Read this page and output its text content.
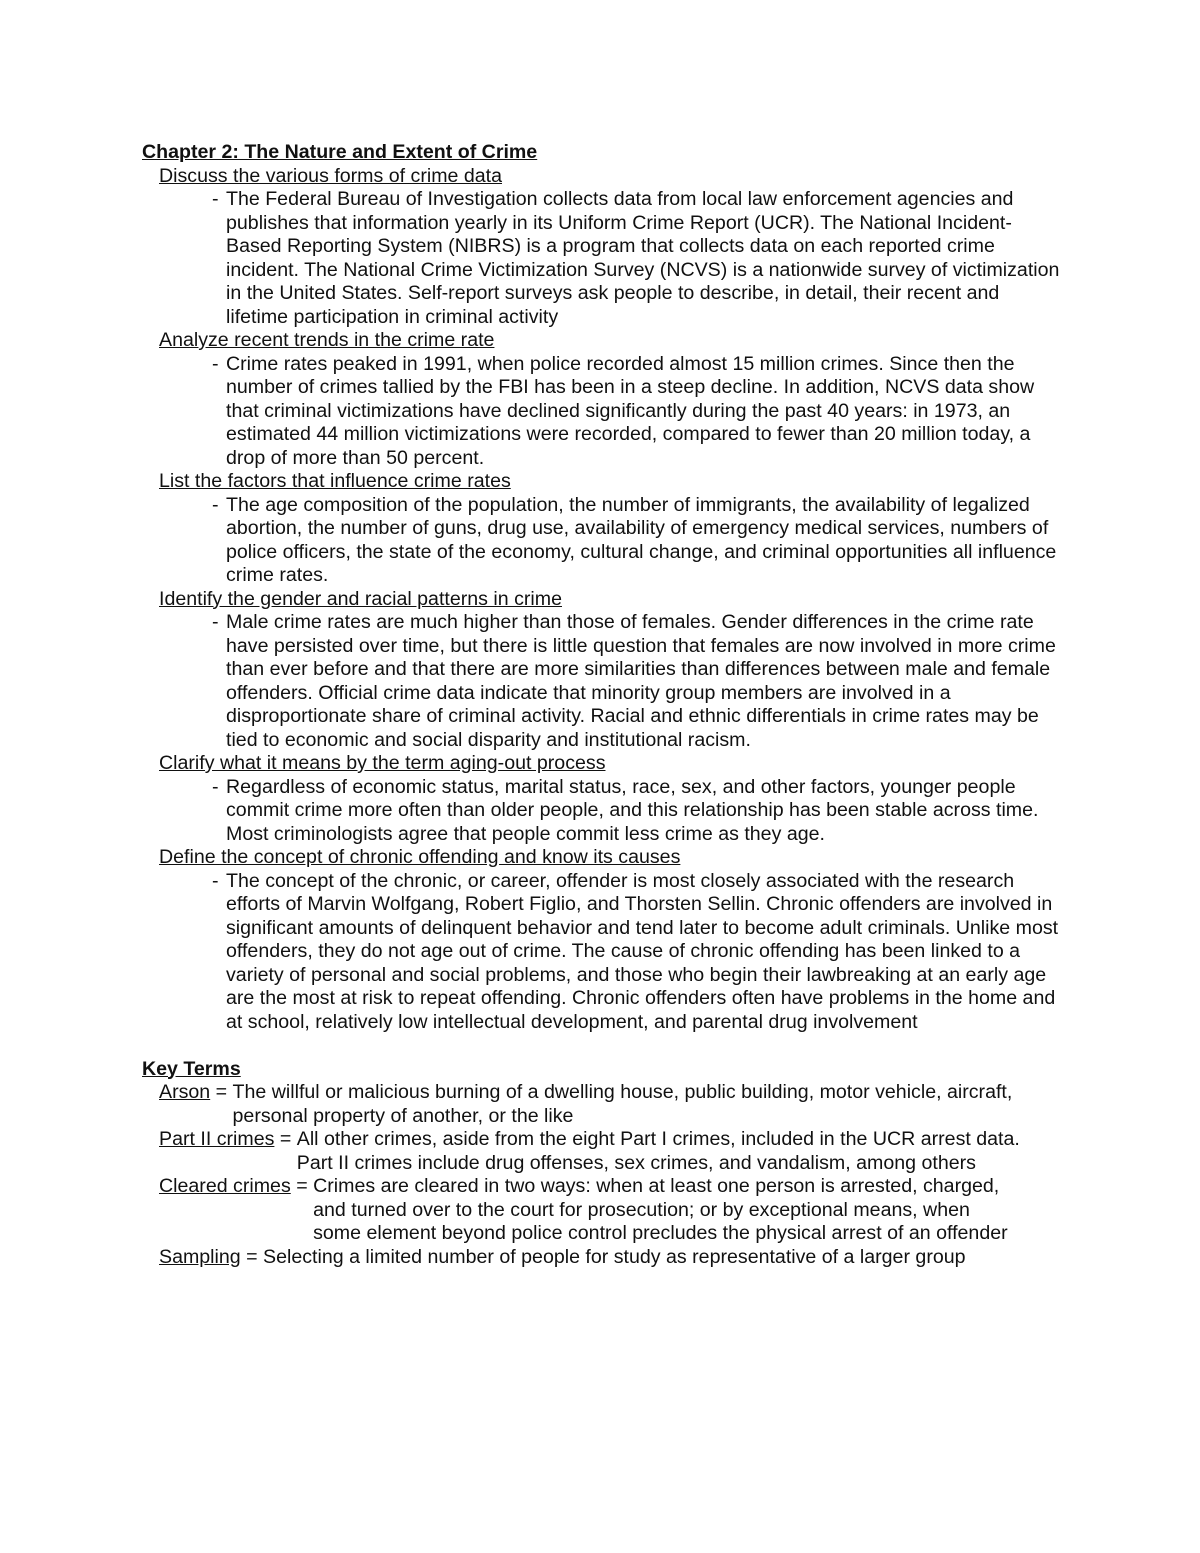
Chapter 2: The Nature and Extent of Crime
Discuss the various forms of crime data
- The Federal Bureau of Investigation collects data from local law enforcement agencies and publishes that information yearly in its Uniform Crime Report (UCR). The National Incident-Based Reporting System (NIBRS) is a program that collects data on each reported crime incident. The National Crime Victimization Survey (NCVS) is a nationwide survey of victimization in the United States. Self-report surveys ask people to describe, in detail, their recent and lifetime participation in criminal activity
Analyze recent trends in the crime rate
- Crime rates peaked in 1991, when police recorded almost 15 million crimes. Since then the number of crimes tallied by the FBI has been in a steep decline. In addition, NCVS data show that criminal victimizations have declined significantly during the past 40 years: in 1973, an estimated 44 million victimizations were recorded, compared to fewer than 20 million today, a drop of more than 50 percent.
List the factors that influence crime rates
- The age composition of the population, the number of immigrants, the availability of legalized abortion, the number of guns, drug use, availability of emergency medical services, numbers of police officers, the state of the economy, cultural change, and criminal opportunities all influence crime rates.
Identify the gender and racial patterns in crime
- Male crime rates are much higher than those of females. Gender differences in the crime rate have persisted over time, but there is little question that females are now involved in more crime than ever before and that there are more similarities than differences between male and female offenders. Official crime data indicate that minority group members are involved in a disproportionate share of criminal activity. Racial and ethnic differentials in crime rates may be tied to economic and social disparity and institutional racism.
Clarify what it means by the term aging-out process
- Regardless of economic status, marital status, race, sex, and other factors, younger people commit crime more often than older people, and this relationship has been stable across time. Most criminologists agree that people commit less crime as they age.
Define the concept of chronic offending and know its causes
- The concept of the chronic, or career, offender is most closely associated with the research efforts of Marvin Wolfgang, Robert Figlio, and Thorsten Sellin. Chronic offenders are involved in significant amounts of delinquent behavior and tend later to become adult criminals. Unlike most offenders, they do not age out of crime. The cause of chronic offending has been linked to a variety of personal and social problems, and those who begin their lawbreaking at an early age are the most at risk to repeat offending. Chronic offenders often have problems in the home and at school, relatively low intellectual development, and parental drug involvement
Key Terms
Arson = The willful or malicious burning of a dwelling house, public building, motor vehicle, aircraft, personal property of another, or the like
Part II crimes = All other crimes, aside from the eight Part I crimes, included in the UCR arrest data. Part II crimes include drug offenses, sex crimes, and vandalism, among others
Cleared crimes = Crimes are cleared in two ways: when at least one person is arrested, charged, and turned over to the court for prosecution; or by exceptional means, when some element beyond police control precludes the physical arrest of an offender
Sampling = Selecting a limited number of people for study as representative of a larger group
